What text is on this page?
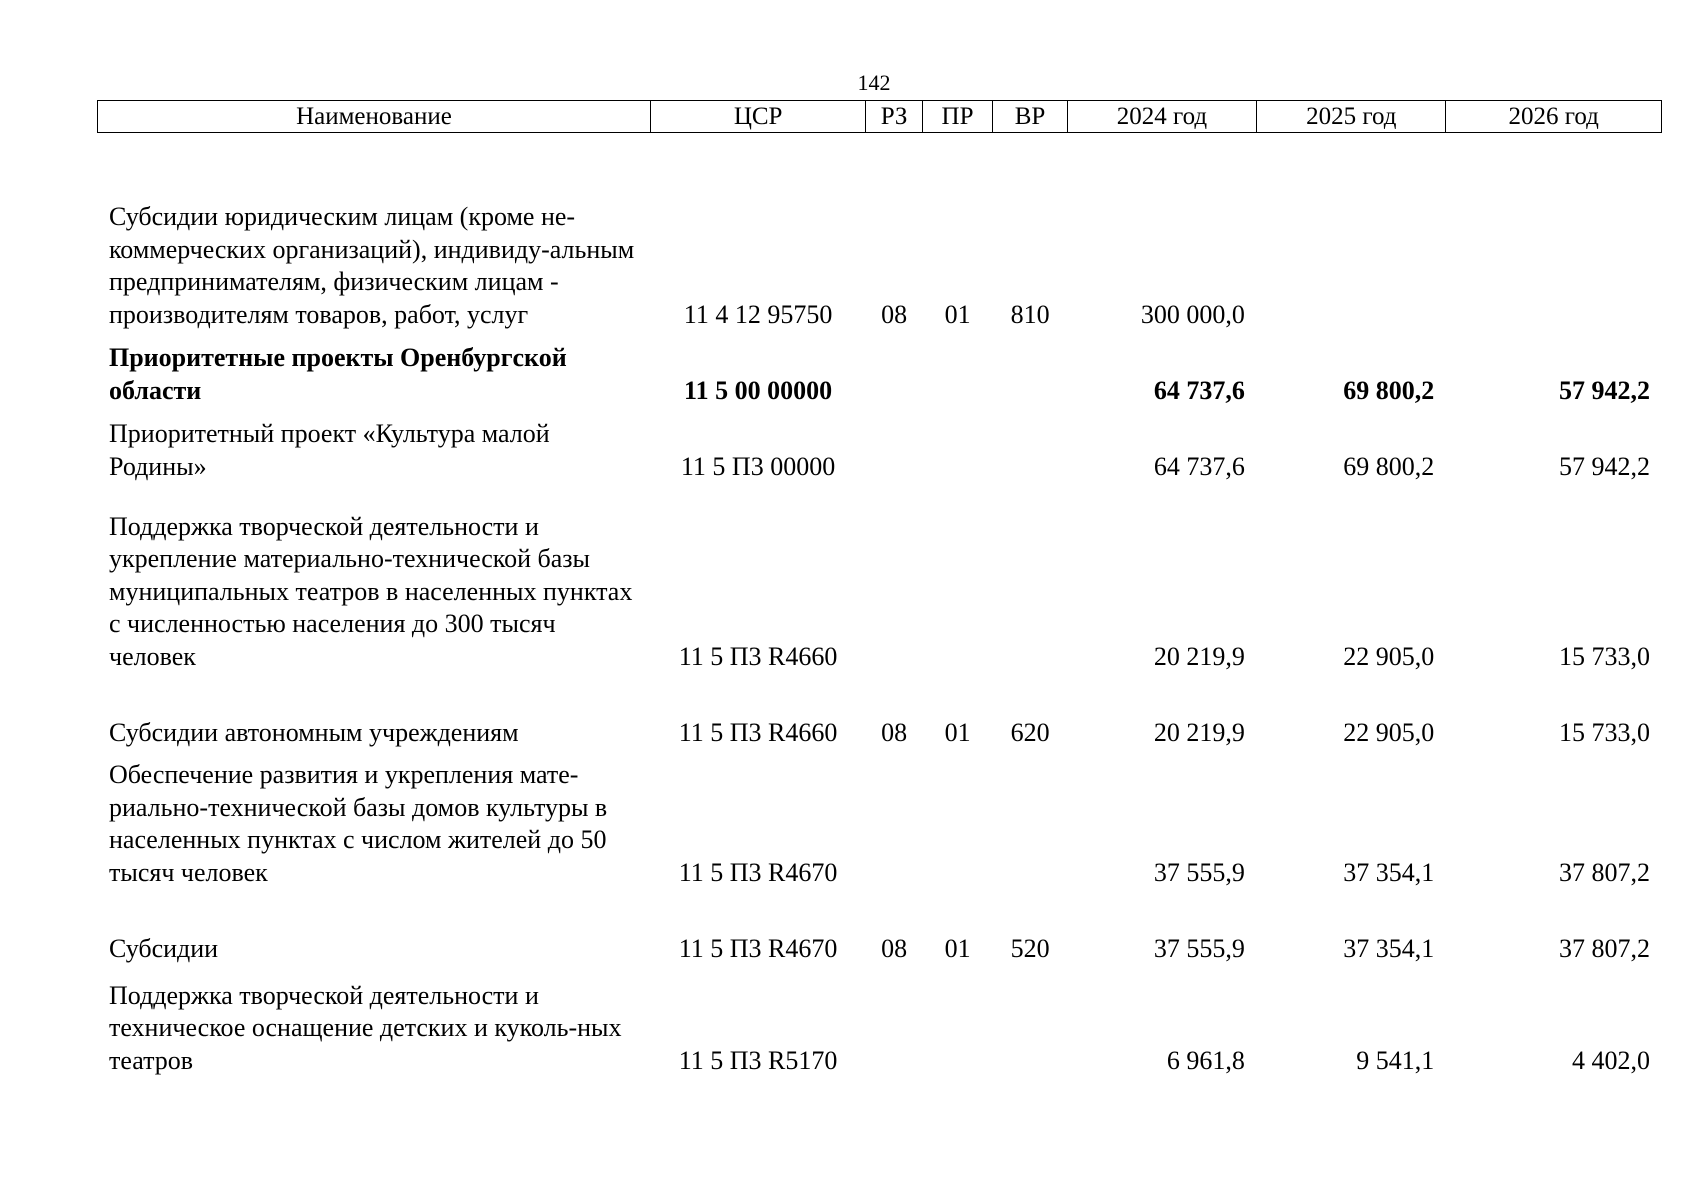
142
Наименование	ЦСР	РЗ	ПР	ВР	2024 год	2025 год	2026 год
Субсидии юридическим лицам (кроме не-коммерческих организаций), индивиду-альным предпринимателям, физическим лицам - производителям товаров, работ, услуг	11 4 12 95750	08	01	810	300 000,0		
Приоритетные проекты Оренбургской области	11 5 00 00000				64 737,6	69 800,2	57 942,2
Приоритетный проект «Культура малой Родины»	11 5 П3 00000				64 737,6	69 800,2	57 942,2
Поддержка творческой деятельности и укрепление материально-технической базы муниципальных театров в населенных пунктах с численностью населения до 300 тысяч человек	11 5 П3 R4660				20 219,9	22 905,0	15 733,0
Субсидии автономным учреждениям	11 5 П3 R4660	08	01	620	20 219,9	22 905,0	15 733,0
Обеспечение развития и укрепления мате-риально-технической базы домов культуры в населенных пунктах с числом жителей до 50 тысяч человек	11 5 П3 R4670				37 555,9	37 354,1	37 807,2
Субсидии	11 5 П3 R4670	08	01	520	37 555,9	37 354,1	37 807,2
Поддержка творческой деятельности и техническое оснащение детских и куколь-ных театров	11 5 П3 R5170				6 961,8	9 541,1	4 402,0
